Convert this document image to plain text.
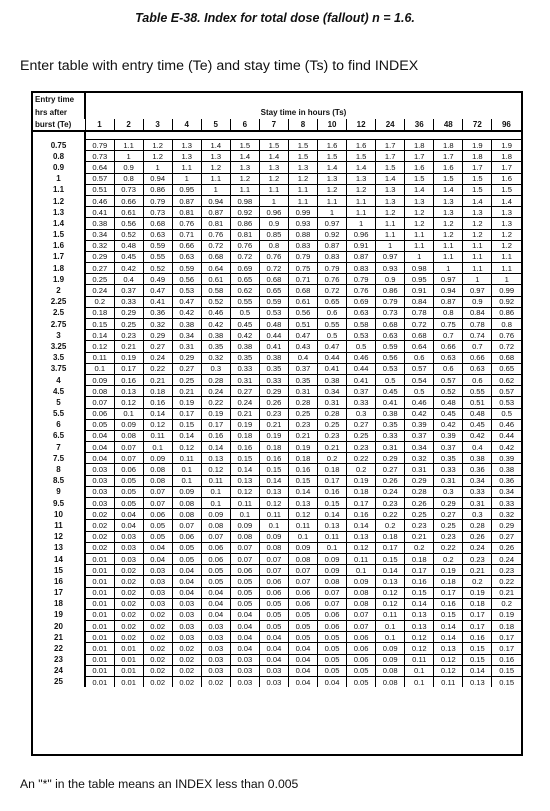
Table E-38. Index for total dose (fallout) n = 1.6.
Enter table with entry time (Te) and stay time (Ts) to find INDEX
Entry time															
hrs after	Stay time in hours (Ts)														
burst (Te)	1	2	3	4	5	6	7	8	10	12	24	36	48	72	96

0.75	0.79	1.1	1.2	1.3	1.4	1.5	1.5	1.5	1.6	1.6	1.7	1.8	1.8	1.9	1.9
0.8	0.73	1	1.2	1.3	1.3	1.4	1.4	1.5	1.5	1.5	1.7	1.7	1.7	1.8	1.8
0.9	0.64	0.9	1	1.1	1.2	1.3	1.3	1.3	1.4	1.4	1.5	1.6	1.6	1.7	1.7
1	0.57	0.8	0.94	1	1.1	1.2	1.2	1.2	1.3	1.3	1.4	1.5	1.5	1.5	1.6
1.1	0.51	0.73	0.86	0.95	1	1.1	1.1	1.1	1.2	1.2	1.3	1.4	1.4	1.5	1.5
1.2	0.46	0.66	0.79	0.87	0.94	0.98	1	1.1	1.1	1.1	1.3	1.3	1.3	1.4	1.4
1.3	0.41	0.61	0.73	0.81	0.87	0.92	0.96	0.99	1	1.1	1.2	1.2	1.3	1.3	1.3
1.4	0.38	0.56	0.68	0.76	0.81	0.86	0.9	0.93	0.97	1	1.1	1.2	1.2	1.2	1.3
1.5	0.34	0.52	0.63	0.71	0.76	0.81	0.85	0.88	0.92	0.96	1.1	1.1	1.2	1.2	1.2
1.6	0.32	0.48	0.59	0.66	0.72	0.76	0.8	0.83	0.87	0.91	1	1.1	1.1	1.1	1.2
1.7	0.29	0.45	0.55	0.63	0.68	0.72	0.76	0.79	0.83	0.87	0.97	1	1.1	1.1	1.1
1.8	0.27	0.42	0.52	0.59	0.64	0.69	0.72	0.75	0.79	0.83	0.93	0.98	1	1.1	1.1
1.9	0.25	0.4	0.49	0.56	0.61	0.65	0.68	0.71	0.76	0.79	0.9	0.95	0.97	1	1
2	0.24	0.37	0.47	0.53	0.58	0.62	0.65	0.68	0.72	0.76	0.86	0.91	0.94	0.97	0.99
2.25	0.2	0.33	0.41	0.47	0.52	0.55	0.59	0.61	0.65	0.69	0.79	0.84	0.87	0.9	0.92
2.5	0.18	0.29	0.36	0.42	0.46	0.5	0.53	0.56	0.6	0.63	0.73	0.78	0.8	0.84	0.86
2.75	0.15	0.25	0.32	0.38	0.42	0.45	0.48	0.51	0.55	0.58	0.68	0.72	0.75	0.78	0.8
3	0.14	0.23	0.29	0.34	0.38	0.42	0.44	0.47	0.5	0.53	0.63	0.68	0.7	0.74	0.76
3.25	0.12	0.21	0.27	0.31	0.35	0.38	0.41	0.43	0.47	0.5	0.59	0.64	0.66	0.7	0.72
3.5	0.11	0.19	0.24	0.29	0.32	0.35	0.38	0.4	0.44	0.46	0.56	0.6	0.63	0.66	0.68
3.75	0.1	0.17	0.22	0.27	0.3	0.33	0.35	0.37	0.41	0.44	0.53	0.57	0.6	0.63	0.65
4	0.09	0.16	0.21	0.25	0.28	0.31	0.33	0.35	0.38	0.41	0.5	0.54	0.57	0.6	0.62
4.5	0.08	0.13	0.18	0.21	0.24	0.27	0.29	0.31	0.34	0.37	0.45	0.5	0.52	0.55	0.57
5	0.07	0.12	0.16	0.19	0.22	0.24	0.26	0.28	0.31	0.33	0.41	0.46	0.48	0.51	0.53
5.5	0.06	0.1	0.14	0.17	0.19	0.21	0.23	0.25	0.28	0.3	0.38	0.42	0.45	0.48	0.5
6	0.05	0.09	0.12	0.15	0.17	0.19	0.21	0.23	0.25	0.27	0.35	0.39	0.42	0.45	0.46
6.5	0.04	0.08	0.11	0.14	0.16	0.18	0.19	0.21	0.23	0.25	0.33	0.37	0.39	0.42	0.44
7	0.04	0.07	0.1	0.12	0.14	0.16	0.18	0.19	0.21	0.23	0.31	0.34	0.37	0.4	0.42
7.5	0.04	0.07	0.09	0.11	0.13	0.15	0.16	0.18	0.2	0.22	0.29	0.32	0.35	0.38	0.39
8	0.03	0.06	0.08	0.1	0.12	0.14	0.15	0.16	0.18	0.2	0.27	0.31	0.33	0.36	0.38
8.5	0.03	0.05	0.08	0.1	0.11	0.13	0.14	0.15	0.17	0.19	0.26	0.29	0.31	0.34	0.36
9	0.03	0.05	0.07	0.09	0.1	0.12	0.13	0.14	0.16	0.18	0.24	0.28	0.3	0.33	0.34
9.5	0.03	0.05	0.07	0.08	0.1	0.11	0.12	0.13	0.15	0.17	0.23	0.26	0.29	0.31	0.33
10	0.02	0.04	0.06	0.08	0.09	0.1	0.11	0.12	0.14	0.16	0.22	0.25	0.27	0.3	0.32
11	0.02	0.04	0.05	0.07	0.08	0.09	0.1	0.11	0.13	0.14	0.2	0.23	0.25	0.28	0.29
12	0.02	0.03	0.05	0.06	0.07	0.08	0.09	0.1	0.11	0.13	0.18	0.21	0.23	0.26	0.27
13	0.02	0.03	0.04	0.05	0.06	0.07	0.08	0.09	0.1	0.12	0.17	0.2	0.22	0.24	0.26
14	0.01	0.03	0.04	0.05	0.06	0.07	0.07	0.08	0.09	0.11	0.15	0.18	0.2	0.23	0.24
15	0.01	0.02	0.03	0.04	0.05	0.06	0.07	0.07	0.09	0.1	0.14	0.17	0.19	0.21	0.23
16	0.01	0.02	0.03	0.04	0.05	0.05	0.06	0.07	0.08	0.09	0.13	0.16	0.18	0.2	0.22
17	0.01	0.02	0.03	0.04	0.04	0.05	0.06	0.06	0.07	0.08	0.12	0.15	0.17	0.19	0.21
18	0.01	0.02	0.03	0.03	0.04	0.05	0.05	0.06	0.07	0.08	0.12	0.14	0.16	0.18	0.2
19	0.01	0.02	0.02	0.03	0.04	0.04	0.05	0.05	0.06	0.07	0.11	0.13	0.15	0.17	0.19
20	0.01	0.02	0.02	0.03	0.03	0.04	0.05	0.05	0.06	0.07	0.1	0.13	0.14	0.17	0.18
21	0.01	0.02	0.02	0.03	0.03	0.04	0.04	0.05	0.05	0.06	0.1	0.12	0.14	0.16	0.17
22	0.01	0.01	0.02	0.02	0.03	0.04	0.04	0.04	0.05	0.06	0.09	0.12	0.13	0.15	0.17
23	0.01	0.01	0.02	0.02	0.03	0.03	0.04	0.04	0.05	0.06	0.09	0.11	0.12	0.15	0.16
24	0.01	0.01	0.02	0.02	0.03	0.03	0.03	0.04	0.05	0.05	0.08	0.1	0.12	0.14	0.15
25	0.01	0.01	0.02	0.02	0.02	0.03	0.03	0.04	0.04	0.05	0.08	0.1	0.11	0.13	0.15
An "*" in the table means an INDEX less than 0.005
